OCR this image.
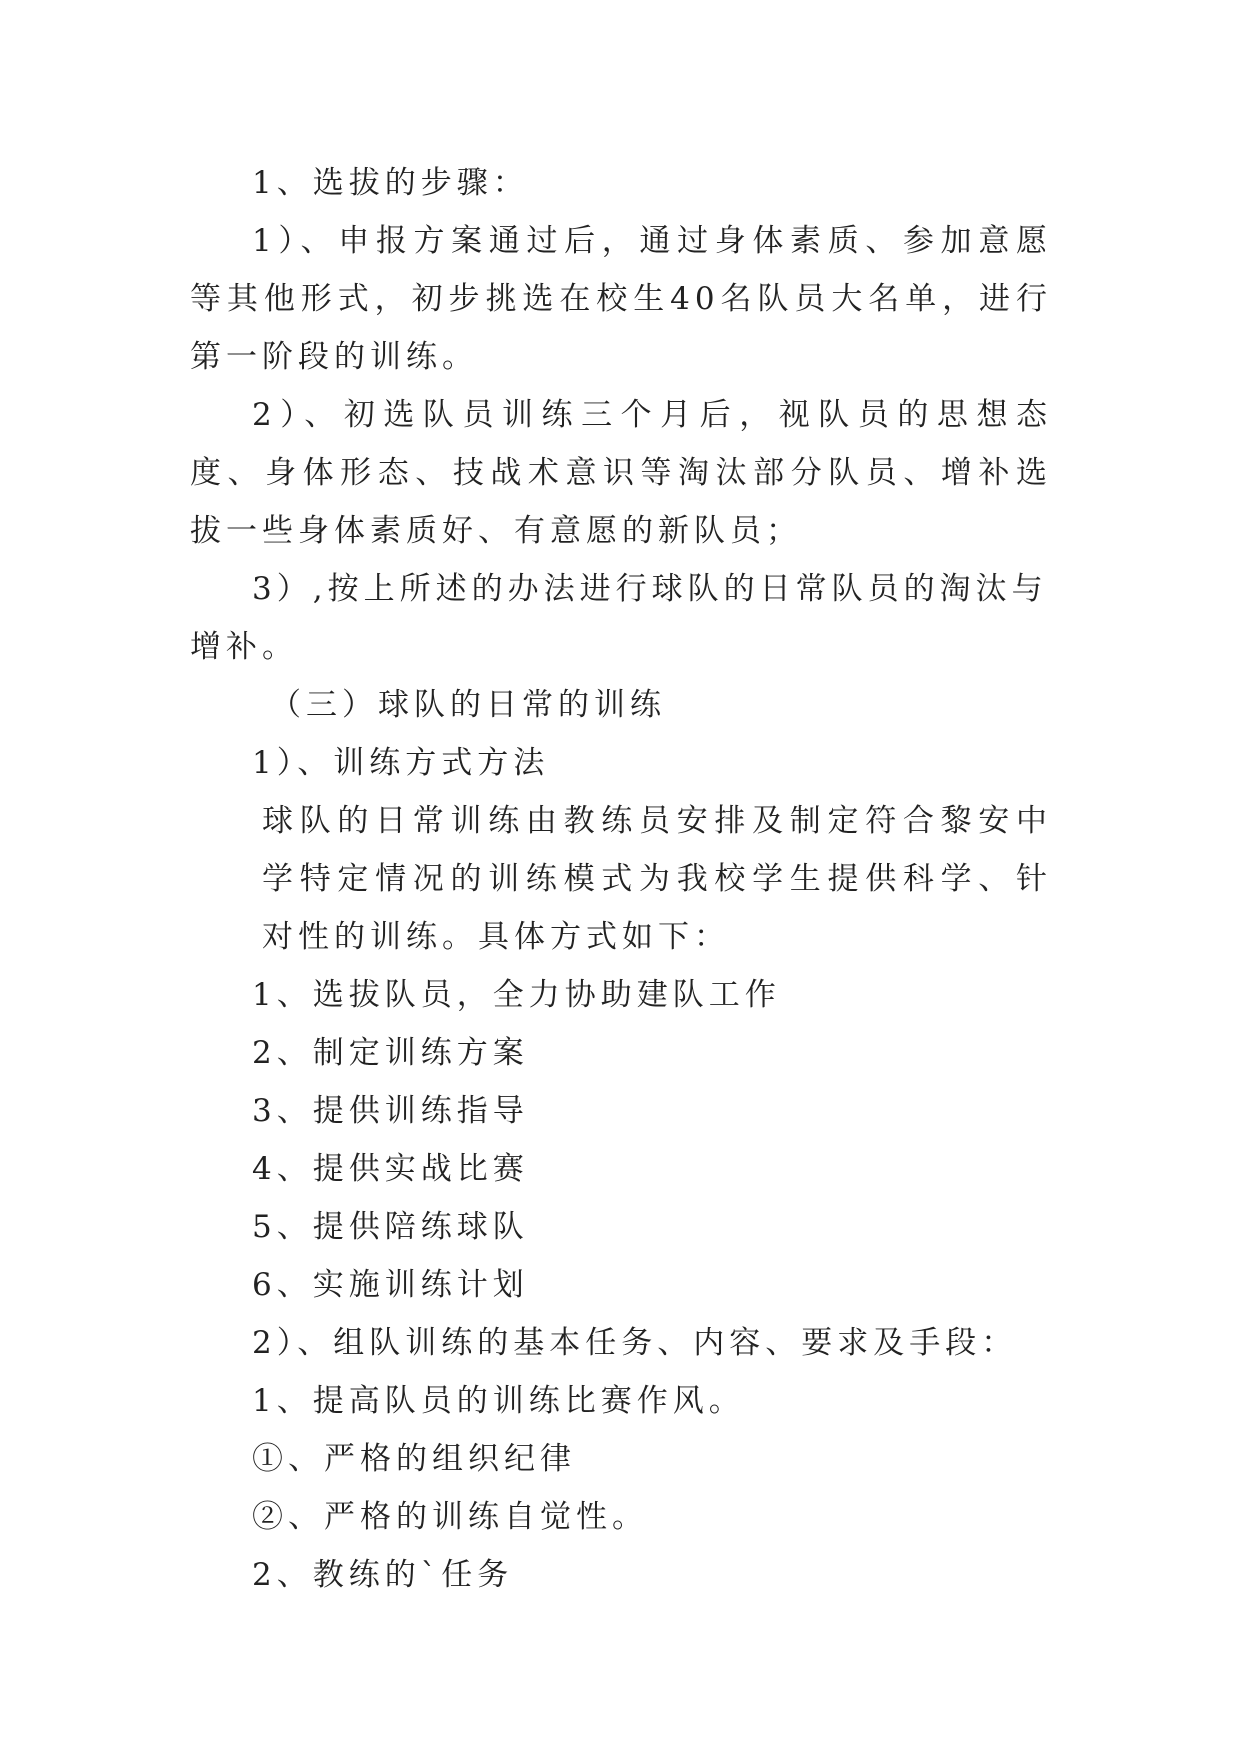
1、选拔的步骤：

1）、申报方案通过后，通过身体素质、参加意愿等其他形式，初步挑选在校生40名队员大名单，进行第一阶段的训练。

2）、初选队员训练三个月后，视队员的思想态度、身体形态、技战术意识等淘汰部分队员、增补选拔一些身体素质好、有意愿的新队员；

3）,按上所述的办法进行球队的日常队员的淘汰与增补。

（三）球队的日常的训练

1）、训练方式方法

球队的日常训练由教练员安排及制定符合黎安中学特定情况的训练模式为我校学生提供科学、针对性的训练。具体方式如下：

1、选拔队员，全力协助建队工作

2、制定训练方案

3、提供训练指导

4、提供实战比赛

5、提供陪练球队

6、实施训练计划

2）、组队训练的基本任务、内容、要求及手段：

1、提高队员的训练比赛作风。

①、严格的组织纪律

②、严格的训练自觉性。

2、教练的`任务
